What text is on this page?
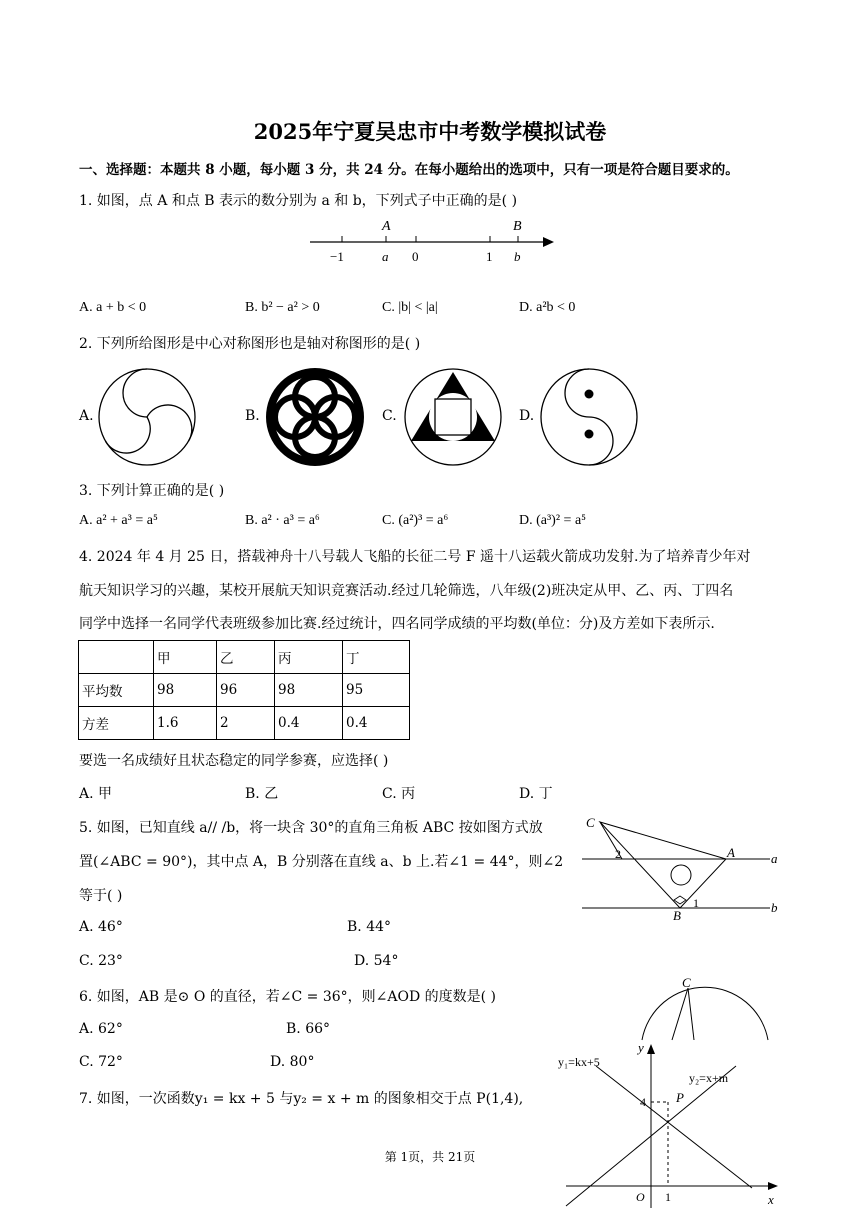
2025年宁夏吴忠市中考数学模拟试卷
一、选择题：本题共 8 小题，每小题 3 分，共 24 分。在每小题给出的选项中，只有一项是符合题目要求的。
1. 如图，点 A 和点 B 表示的数分别为 a 和 b，下列式子中正确的是( )
A	B
−1	a 0	1 b
A. a + b < 0	B. b² − a² > 0	C. |b| < |a|	D. a²b < 0
2. 下列所给图形是中心对称图形也是轴对称图形的是( )
A.	B.	C.	D.
3. 下列计算正确的是( )
A. a² + a³ = a⁵	B. a² · a³ = a⁶	C. (a²)³ = a⁶	D. (a³)² = a⁵
4. 2024 年 4 月 25 日，搭载神舟十八号载人飞船的长征二号 F 遥十八运载火箭成功发射.为了培养青少年对
航天知识学习的兴趣，某校开展航天知识竞赛活动.经过几轮筛选，八年级(2)班决定从甲、乙、丙、丁四名
同学中选择一名同学代表班级参加比赛.经过统计，四名同学成绩的平均数(单位：分)及方差如下表所示.
	甲	乙	丙	丁
平均数	98	96	98	95
方差	1.6	2	0.4	0.4
要选一名成绩好且状态稳定的同学参赛，应选择( )
A. 甲	B. 乙	C. 丙	D. 丁
5. 如图，已知直线 a// /b，将一块含 30°的直角三角板 ABC 按如图方式放
置(∠ABC = 90°)，其中点 A，B 分别落在直线 a、b 上.若∠1 = 44°，则∠2
等于( )
C
A
B
a
b
1
2
A. 46°	B. 44°
C. 23°	D. 54°
6. 如图，AB 是⊙ O 的直径，若∠C = 36°，则∠AOD 的度数是( )
C
A. 62°	B. 66°
C. 72°	D. 80°
7. 如图，一次函数y₁ = kx + 5 与y₂ = x + m 的图象相交于点 P(1,4),
y₁=kx+5
y₂=x+m
y
x
P
4
O 1
第 1页，共 21页
